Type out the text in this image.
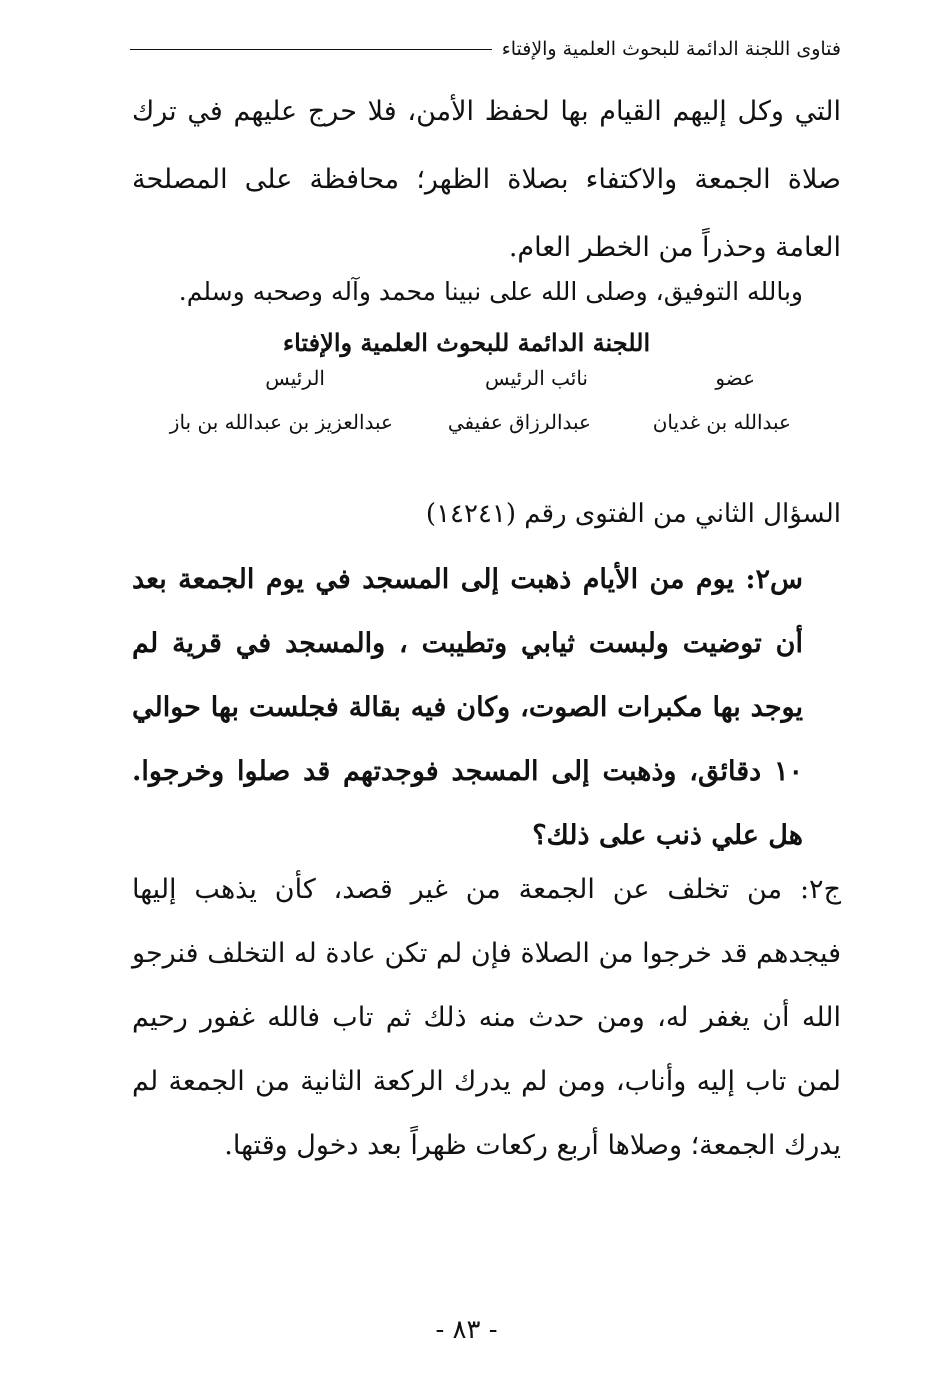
فتاوى اللجنة الدائمة للبحوث العلمية والإفتاء

التي وكل إليهم القيام بها لحفظ الأمن، فلا حرج عليهم في ترك صلاة الجمعة والاكتفاء بصلاة الظهر؛ محافظة على المصلحة العامة وحذراً من الخطر العام.

وبالله التوفيق، وصلى الله على نبينا محمد وآله وصحبه وسلم.
اللجنة الدائمة للبحوث العلمية والإفتاء
عضو
نائب الرئيس
الرئيس
عبدالله بن غديان
عبدالرزاق عفيفي
عبدالعزيز بن عبدالله بن باز

السؤال الثاني من الفتوى رقم (١٤٢٤١)

س٢: يوم من الأيام ذهبت إلى المسجد في يوم الجمعة بعد أن توضيت ولبست ثيابي وتطيبت ، والمسجد في قرية لم يوجد بها مكبرات الصوت، وكان فيه بقالة فجلست بها حوالي ١٠ دقائق، وذهبت إلى المسجد فوجدتهم قد صلوا وخرجوا. هل علي ذنب على ذلك؟

ج٢: من تخلف عن الجمعة من غير قصد، كأن يذهب إليها فيجدهم قد خرجوا من الصلاة فإن لم تكن عادة له التخلف فنرجو الله أن يغفر له، ومن حدث منه ذلك ثم تاب فالله غفور رحيم لمن تاب إليه وأناب، ومن لم يدرك الركعة الثانية من الجمعة لم يدرك الجمعة؛ وصلاها أربع ركعات ظهراً بعد دخول وقتها.

- ٨٣ -
